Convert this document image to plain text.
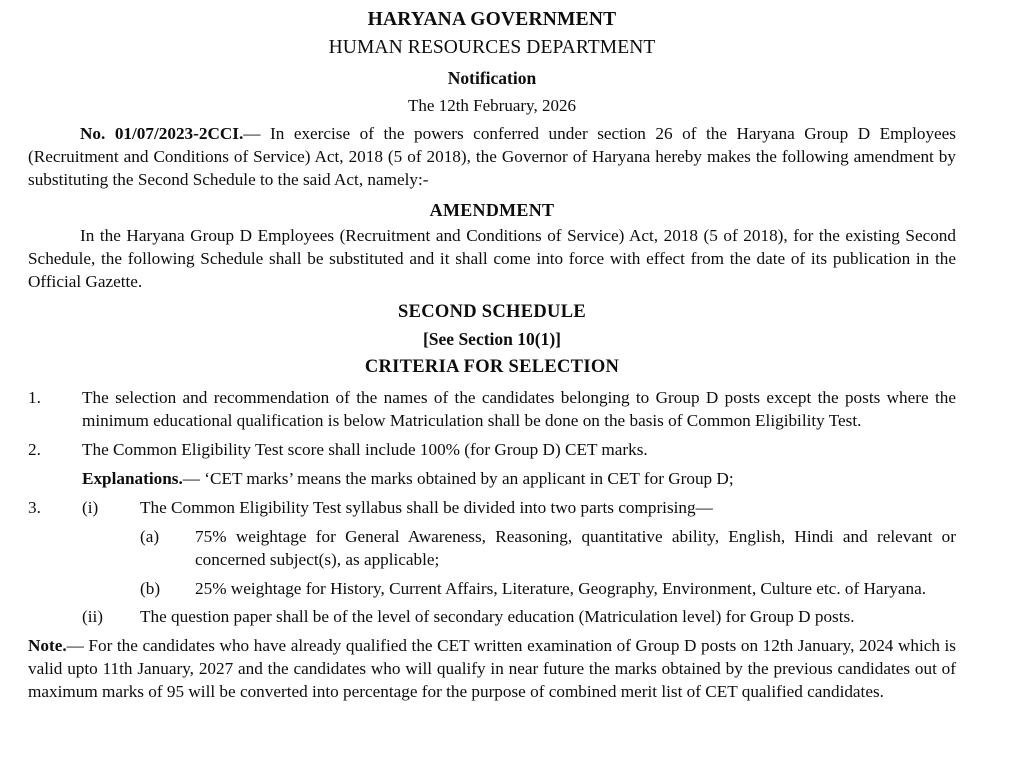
HARYANA GOVERNMENT
HUMAN RESOURCES DEPARTMENT
Notification
The 12th February, 2026

No. 01/07/2023-2CCI.— In exercise of the powers conferred under section 26 of the Haryana Group D Employees (Recruitment and Conditions of Service) Act, 2018 (5 of 2018), the Governor of Haryana hereby makes the following amendment by substituting the Second Schedule to the said Act, namely:-

AMENDMENT

In the Haryana Group D Employees (Recruitment and Conditions of Service) Act, 2018 (5 of 2018), for the existing Second Schedule, the following Schedule shall be substituted and it shall come into force with effect from the date of its publication in the Official Gazette.

SECOND SCHEDULE
[See Section 10(1)]
CRITERIA FOR SELECTION
1.	The selection and recommendation of the names of the candidates belonging to Group D posts except the posts where the minimum educational qualification is below Matriculation shall be done on the basis of Common Eligibility Test.
2.	The Common Eligibility Test score shall include 100% (for Group D) CET marks.
Explanations.— ‘CET marks’ means the marks obtained by an applicant in CET for Group D;
3.	(i)	The Common Eligibility Test syllabus shall be divided into two parts comprising—
(a)	75% weightage for General Awareness, Reasoning, quantitative ability, English, Hindi and relevant or concerned subject(s), as applicable;
(b)	25% weightage for History, Current Affairs, Literature, Geography, Environment, Culture etc. of Haryana.
(ii)	The question paper shall be of the level of secondary education (Matriculation level) for Group D posts.

Note.— For the candidates who have already qualified the CET written examination of Group D posts on 12th January, 2024 which is valid upto 11th January, 2027 and the candidates who will qualify in near future the marks obtained by the previous candidates out of maximum marks of 95 will be converted into percentage for the purpose of combined merit list of CET qualified candidates.
